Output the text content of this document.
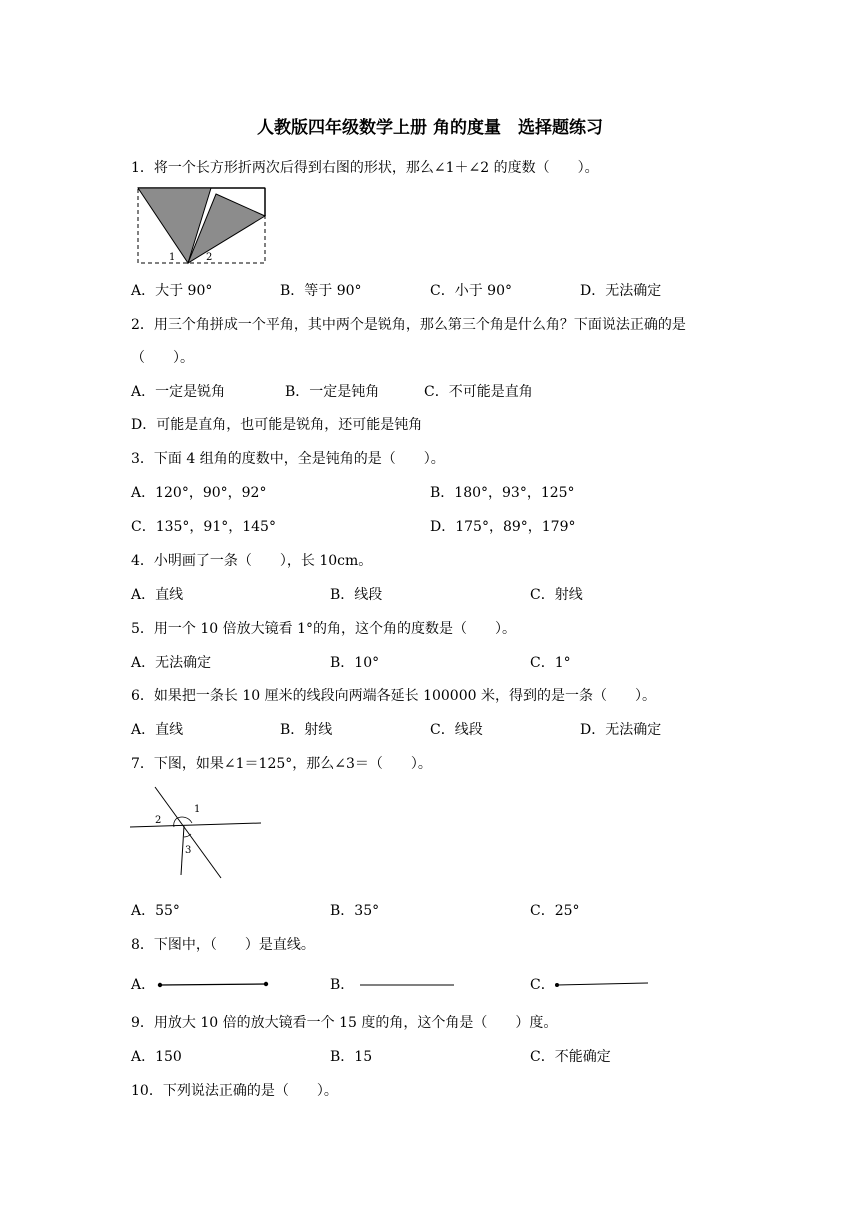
人教版四年级数学上册 角的度量　选择题练习
1．将一个长方形折两次后得到右图的形状，那么∠1＋∠2 的度数（　　）。
1	2
A．大于 90°	B．等于 90°	C．小于 90°	D．无法确定
2．用三个角拼成一个平角，其中两个是锐角，那么第三个角是什么角？下面说法正确的是
（　　）。
A．一定是锐角	B．一定是钝角	C．不可能是直角
D．可能是直角，也可能是锐角，还可能是钝角
3．下面 4 组角的度数中，全是钝角的是（　　）。
A．120°，90°，92°	B．180°，93°，125°
C．135°，91°，145°	D．175°，89°，179°
4．小明画了一条（　　），长 10cm。
A．直线	B．线段	C．射线
5．用一个 10 倍放大镜看 1°的角，这个角的度数是（　　）。
A．无法确定	B．10°	C．1°
6．如果把一条长 10 厘米的线段向两端各延长 100000 米，得到的是一条（　　）。
A．直线	B．射线	C．线段	D．无法确定
7．下图，如果∠1＝125°，那么∠3＝（　　）。
1
2
3
A．55°	B．35°	C．25°
8．下图中，（　　）是直线。
A．	B．	C．
9．用放大 10 倍的放大镜看一个 15 度的角，这个角是（　　）度。
A．150	B．15	C．不能确定
10．下列说法正确的是（　　）。
